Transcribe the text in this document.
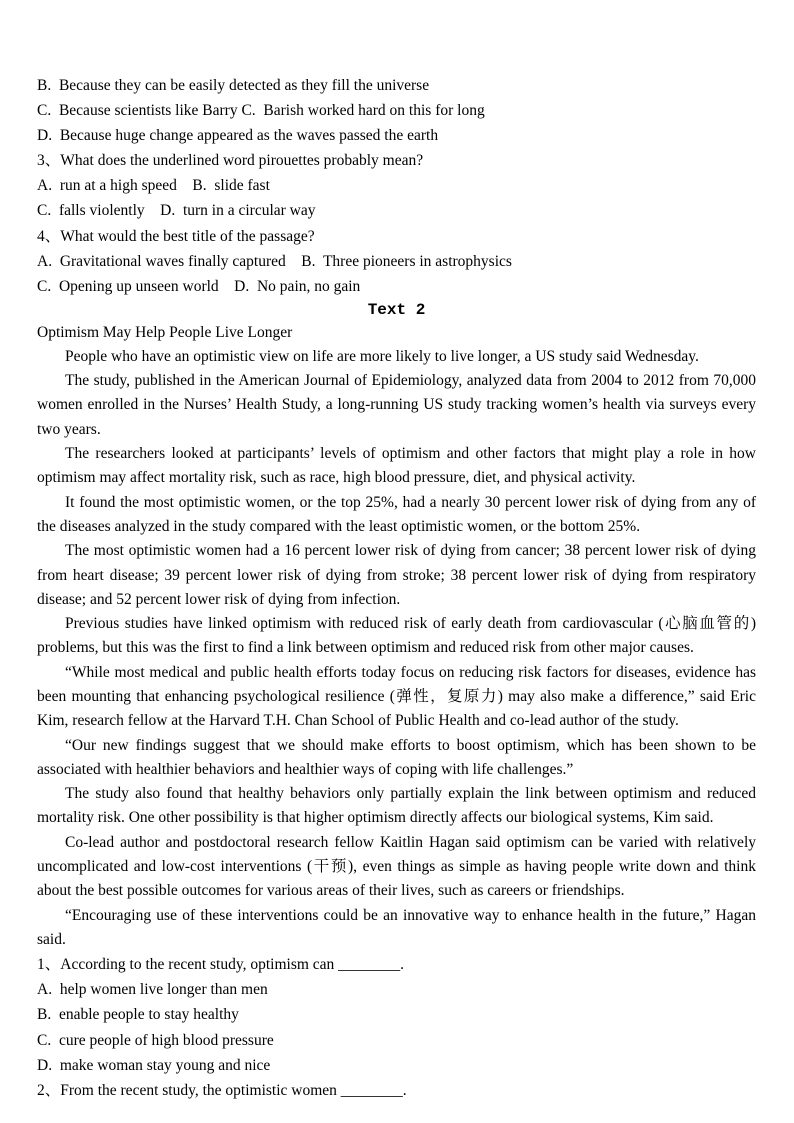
B.  Because they can be easily detected as they fill the universe
C.  Because scientists like Barry C.  Barish worked hard on this for long
D.  Because huge change appeared as the waves passed the earth
3、What does the underlined word pirouettes probably mean?
A.  run at a high speed    B.  slide fast
C.  falls violently    D.  turn in a circular way
4、What would the best title of the passage?
A.  Gravitational waves finally captured    B.  Three pioneers in astrophysics
C.  Opening up unseen world    D.  No pain, no gain
Text 2
Optimism May Help People Live Longer

People who have an optimistic view on life are more likely to live longer, a US study said Wednesday.

The study, published in the American Journal of Epidemiology, analyzed data from 2004 to 2012 from 70,000 women enrolled in the Nurses’ Health Study, a long-running US study tracking women’s health via surveys every two years.

The researchers looked at participants’ levels of optimism and other factors that might play a role in how optimism may affect mortality risk, such as race, high blood pressure, diet, and physical activity.

It found the most optimistic women, or the top 25%, had a nearly 30 percent lower risk of dying from any of the diseases analyzed in the study compared with the least optimistic women, or the bottom 25%.

The most optimistic women had a 16 percent lower risk of dying from cancer; 38 percent lower risk of dying from heart disease; 39 percent lower risk of dying from stroke; 38 percent lower risk of dying from respiratory disease; and 52 percent lower risk of dying from infection.

Previous studies have linked optimism with reduced risk of early death from cardiovascular (心脑血管的) problems, but this was the first to find a link between optimism and reduced risk from other major causes.

“While most medical and public health efforts today focus on reducing risk factors for diseases, evidence has been mounting that enhancing psychological resilience (弹性，复原力) may also make a difference,” said Eric Kim, research fellow at the Harvard T.H. Chan School of Public Health and co-lead author of the study.

“Our new findings suggest that we should make efforts to boost optimism, which has been shown to be associated with healthier behaviors and healthier ways of coping with life challenges.”

The study also found that healthy behaviors only partially explain the link between optimism and reduced mortality risk. One other possibility is that higher optimism directly affects our biological systems, Kim said.

Co-lead author and postdoctoral research fellow Kaitlin Hagan said optimism can be varied with relatively uncomplicated and low-cost interventions (干预), even things as simple as having people write down and think about the best possible outcomes for various areas of their lives, such as careers or friendships.

“Encouraging use of these interventions could be an innovative way to enhance health in the future,” Hagan said.

1、According to the recent study, optimism can ________.
A.  help women live longer than men
B.  enable people to stay healthy
C.  cure people of high blood pressure
D.  make woman stay young and nice
2、From the recent study, the optimistic women ________.
